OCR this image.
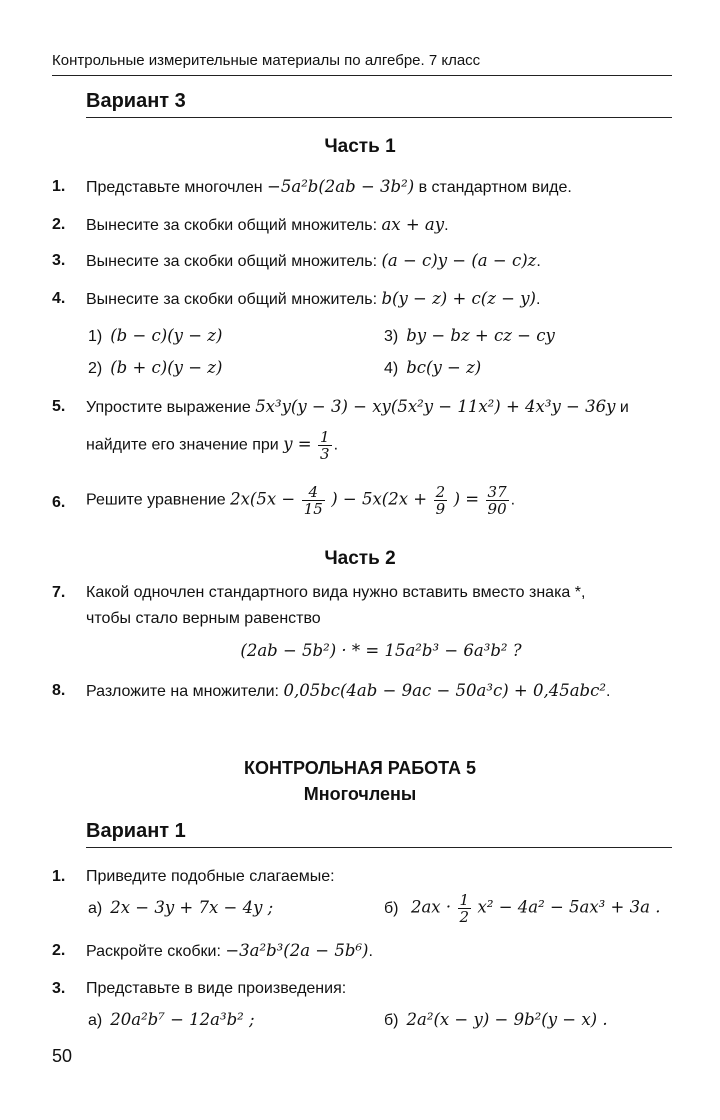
Контрольные измерительные материалы по алгебре. 7 класс
Вариант 3
Часть 1
1.	Представьте многочлен −5a²b(2ab − 3b²) в стандартном виде.
2.	Вынесите за скобки общий множитель: ax + ay.
3.	Вынесите за скобки общий множитель: (a − c)y − (a − c)z.
4.	Вынесите за скобки общий множитель: b(y − z) + c(z − y).
1) (b − c)(y − z)	3) by − bz + cz − cy
2) (b + c)(y − z)	4) bc(y − z)
5.	Упростите выражение 5x³y(y − 3) − xy(5x²y − 11x²) + 4x³y − 36y и
найдите его значение при $y = \frac{1}{3}$ .
6.	Решите уравнение $2x(5x - \frac{4}{15}$ ) − $5x(2x + \frac{2}{9}$ ) = $\frac{37}{90}$ .
Часть 2
7.	Какой одночлен стандартного вида нужно вставить вместо знака *,
чтобы стало верным равенство
(2ab − 5b²) · * = 15a²b³ − 6a³b² ?
8.	Разложите на множители: 0,05bc(4ab − 9ac − 50a³c) + 0,45abc².
КОНТРОЛЬНАЯ РАБОТА 5
Многочлены
Вариант 1
1.	Приведите подобные слагаемые:
а) 2x − 3y + 7x − 4y ;	б) $2ax \cdot \frac{1}{2} x^2 - 4a^2 - 5ax^3 + 3a$ .
2.	Раскройте скобки: −3a²b³(2a − 5b⁶).
3.	Представьте в виде произведения:
а) 20a²b⁷ − 12a³b² ;	б) 2a²(x − y) − 9b²(y − x) .
50
